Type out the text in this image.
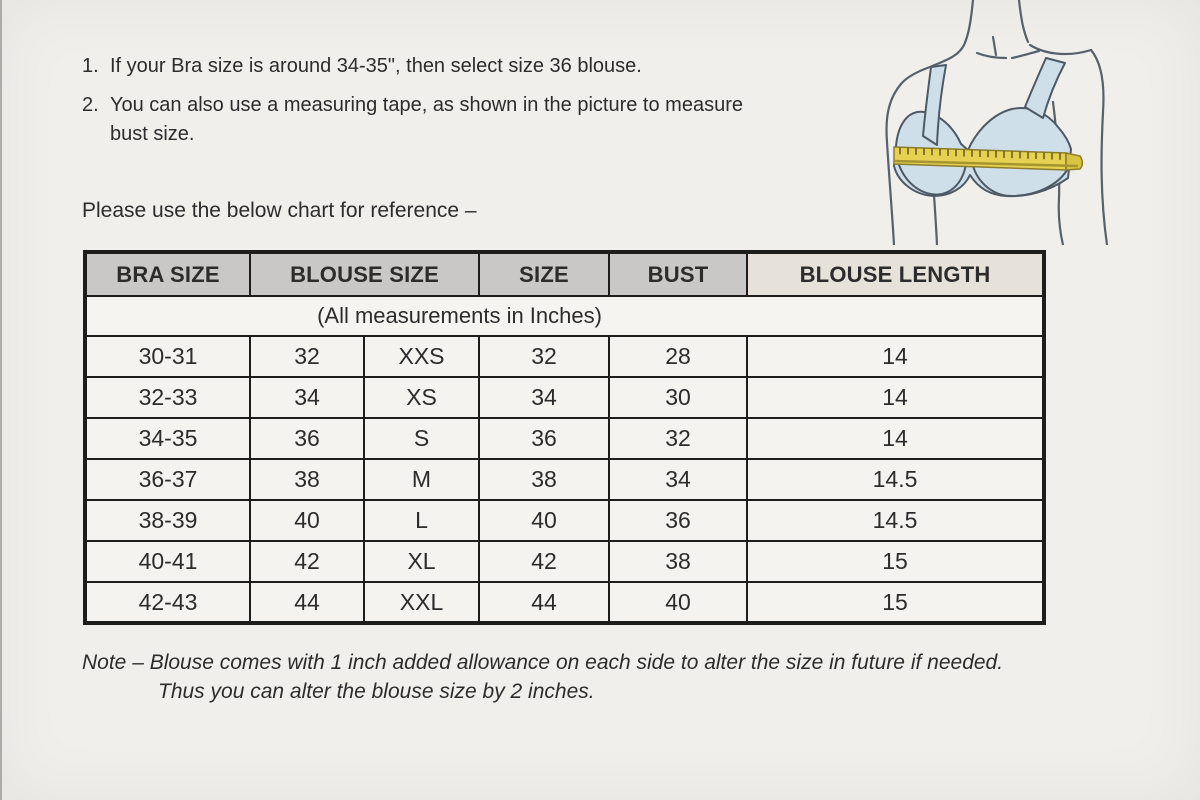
1. If your Bra size is around 34-35", then select size 36 blouse.
2. You can also use a measuring tape, as shown in the picture to measure bust size.
Please use the below chart for reference –
BRA SIZE	BLOUSE SIZE		SIZE	BUST	BLOUSE LENGTH
(All measurements in Inches)					
30-31	32	XXS	32	28	14
32-33	34	XS	34	30	14
34-35	36	S	36	32	14
36-37	38	M	38	34	14.5
38-39	40	L	40	36	14.5
40-41	42	XL	42	38	15
42-43	44	XXL	44	40	15
Note – Blouse comes with 1 inch added allowance on each side to alter the size in future if needed.
Thus you can alter the blouse size by 2 inches.
